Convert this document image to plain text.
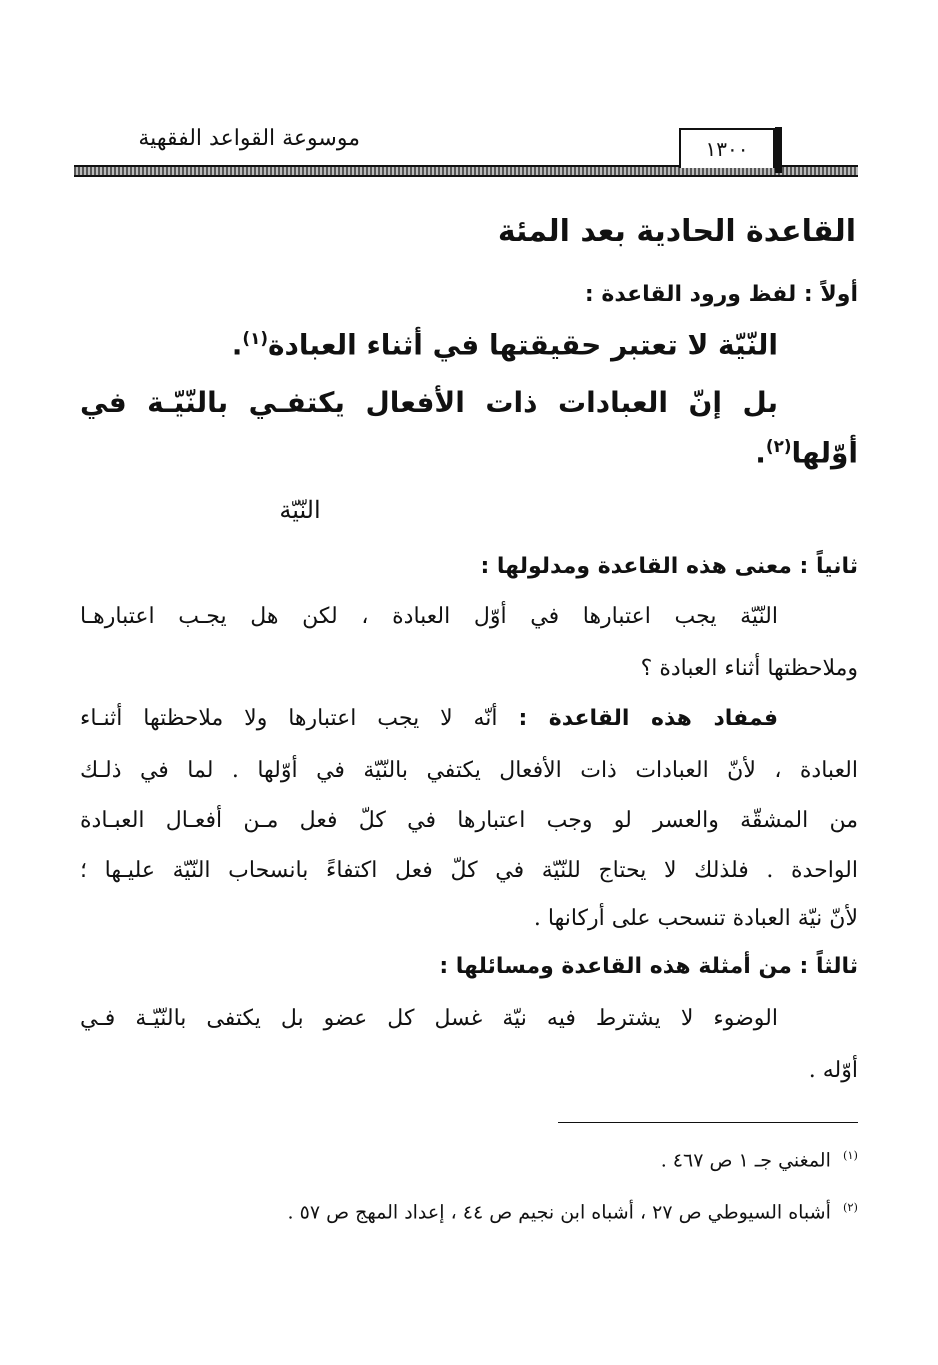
موسوعة القواعد الفقهية	١٣٠٠
القاعدة الحادية بعد المئة
أولاً : لفظ ورود القاعدة :
النّيّة لا تعتبر حقيقتها في أثناء العبادة$^{(١)}$.
بل إنّ العبادات ذات الأفعال يكتفـي بالنّيّـة في
أوّلها$^{(٢)}$.
النّيّة
ثانياً : معنى هذه القاعدة ومدلولها :
النّيّة يجب اعتبارها في أوّل العبادة ، لكن هل يجـب اعتبارهـا
وملاحظتها أثناء العبادة ؟
فمفاد هذه القاعدة : أنّه لا يجب اعتبارها ولا ملاحظتها أثنـاء
العبادة ، لأنّ العبادات ذات الأفعال يكتفي بالنّيّة في أوّلها . لما في ذلـك
من المشقّة والعسر لو وجب اعتبارها في كلّ فعل مـن أفعـال العبـادة
الواحدة . فلذلك لا يحتاج للنّيّة في كلّ فعل اكتفاءً بانسحاب النّيّة عليـها ؛
لأنّ نيّة العبادة تنسحب على أركانها .
ثالثاً : من أمثلة هذه القاعدة ومسائلها :
الوضوء لا يشترط فيه نيّة غسل كل عضو بل يكتفى بالنّيّـة فـي
أوّله .
$^{(١)}$  المغني جـ ١ ص ٤٦٧ .
$^{(٢)}$  أشباه السيوطي ص ٢٧ ، أشباه ابن نجيم ص ٤٤ ، إعداد المهج ص ٥٧ .
